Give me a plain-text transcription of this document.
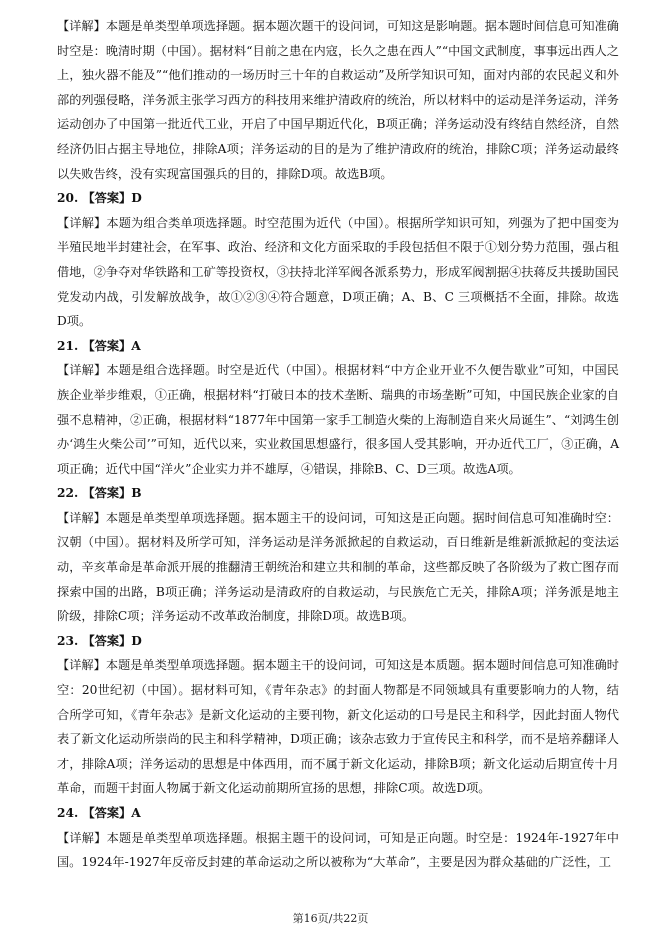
【详解】本题是单类型单项选择题。据本题次题干的设问词，可知这是影响题。据本题时间信息可知准确时空是：晚清时期（中国）。据材料“目前之患在内寇，长久之患在西人”“中国文武制度，事事远出西人之上，独火器不能及”“他们推动的一场历时三十年的自救运动”及所学知识可知，面对内部的农民起义和外部的列强侵略，洋务派主张学习西方的科技用来维护清政府的统治，所以材料中的运动是洋务运动，洋务运动创办了中国第一批近代工业，开启了中国早期近代化，B项正确；洋务运动没有终结自然经济，自然经济仍旧占据主导地位，排除A项；洋务运动的目的是为了维护清政府的统治，排除C项；洋务运动最终以失败告终，没有实现富国强兵的目的，排除D项。故选B项。

20. 【答案】D

【详解】本题为组合类单项选择题。时空范围为近代（中国）。根据所学知识可知，列强为了把中国变为半殖民地半封建社会，在军事、政治、经济和文化方面采取的手段包括但不限于①划分势力范围，强占租借地，②争夺对华铁路和工矿等投资权，③扶持北洋军阀各派系势力，形成军阀割据④扶蒋反共援助国民党发动内战，引发解放战争，故①②③④符合题意，D项正确；A、B、C 三项概括不全面，排除。故选D项。

21. 【答案】A

【详解】本题是组合选择题。时空是近代（中国）。根据材料“中方企业开业不久便告歇业”可知，中国民族企业举步维艰，①正确，根据材料“打破日本的技术垄断、瑞典的市场垄断”可知，中国民族企业家的自强不息精神，②正确，根据材料“1877年中国第一家手工制造火柴的上海制造自来火局诞生”、“刘鸿生创办‘鸿生火柴公司’”可知，近代以来，实业救国思想盛行，很多国人受其影响，开办近代工厂，③正确，A项正确；近代中国“洋火”企业实力并不雄厚，④错误，排除B、C、D三项。故选A项。

22. 【答案】B

【详解】本题是单类型单项选择题。据本题主干的设问词，可知这是正向题。据时间信息可知准确时空：汉朝（中国）。据材料及所学可知，洋务运动是洋务派掀起的自救运动，百日维新是维新派掀起的变法运动，辛亥革命是革命派开展的推翻清王朝统治和建立共和制的革命，这些都反映了各阶级为了救亡图存而探索中国的出路，B项正确；洋务运动是清政府的自救运动，与民族危亡无关，排除A项；洋务派是地主阶级，排除C项；洋务运动不改革政治制度，排除D项。故选B项。

23. 【答案】D

【详解】本题是单类型单项选择题。据本题主干的设问词，可知这是本质题。据本题时间信息可知准确时空：20世纪初（中国）。据材料可知，《青年杂志》的封面人物都是不同领域具有重要影响力的人物，结合所学可知，《青年杂志》是新文化运动的主要刊物，新文化运动的口号是民主和科学，因此封面人物代表了新文化运动所崇尚的民主和科学精神，D项正确；该杂志致力于宣传民主和科学，而不是培养翻译人才，排除A项；洋务运动的思想是中体西用，而不属于新文化运动，排除B项；新文化运动后期宣传十月革命，而题干封面人物属于新文化运动前期所宣扬的思想，排除C项。故选D项。

24. 【答案】A

【详解】本题是单类型单项选择题。根据主题干的设问词，可知是正向题。时空是：1924年-1927年中国。1924年-1927年反帝反封建的革命运动之所以被称为“大革命”，主要是因为群众基础的广泛性，工

第16页/共22页
